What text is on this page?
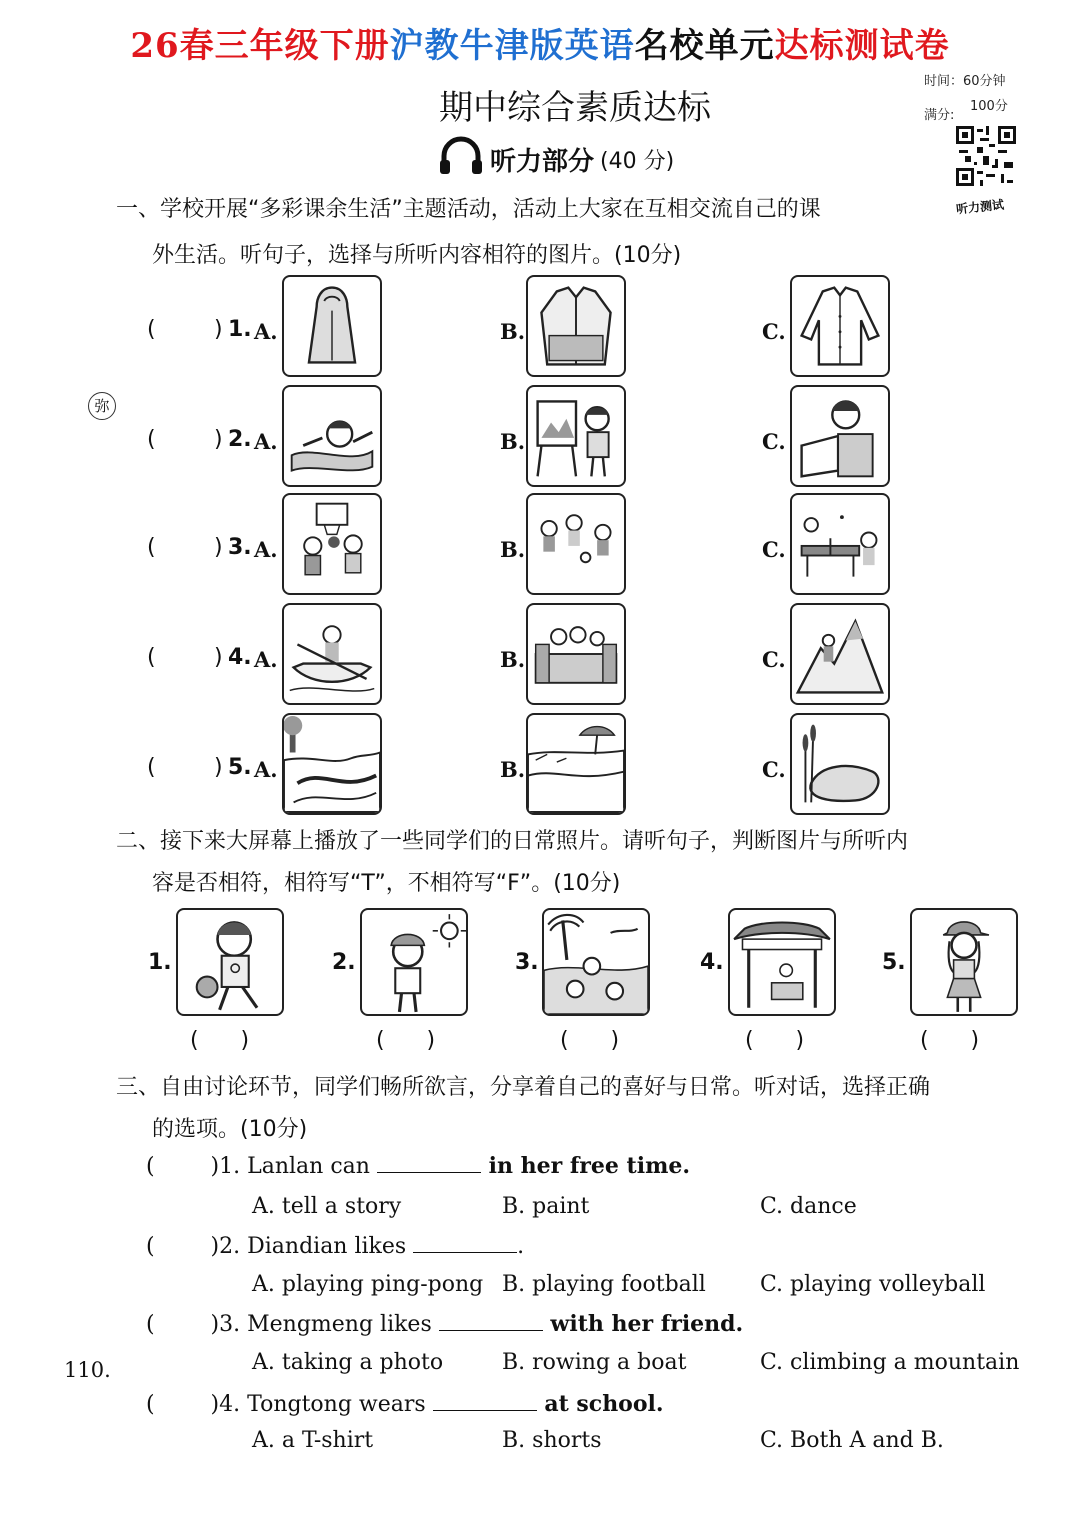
26春三年级下册沪教牛津版英语名校单元达标测试卷
期中综合素质达标
时间：60分钟
满分:
100分
听力测试
听力部分 (40 分)
一、学校开展“多彩课余生活”主题活动，活动上大家在互相交流自己的课
外生活。听句子，选择与所听内容相符的图片。(10分)
弥
(	) 1. A.	B.	C.
(	) 2. A.	B.	C.
(	) 3. A.	B.	C.
(	) 4. A.	B.	C.
(	) 5. A.	B.	C.
二、接下来大屏幕上播放了一些同学们的日常照片。请听句子，判断图片与所听内
容是否相符，相符写“T”，不相符写“F”。(10分)
1.
(      )
2.
(      )
3.
(      )
4.
(      )
5.
(      )
三、自由讨论环节，同学们畅所欲言，分享着自己的喜好与日常。听对话，选择正确
的选项。(10分)
(        )1. Lanlan can	in her free time.
A. tell a story	B. paint	C. dance
(        )2. Diandian likes	.
A. playing ping-pong B. playing football C. playing volleyball
(        )3. Mengmeng likes	with her friend.
A. taking a photo	B. rowing a boat	C. climbing a mountain
(        )4. Tongtong wears	at school.
A. a T-shirt	B. shorts	C. Both A and B.
110.
